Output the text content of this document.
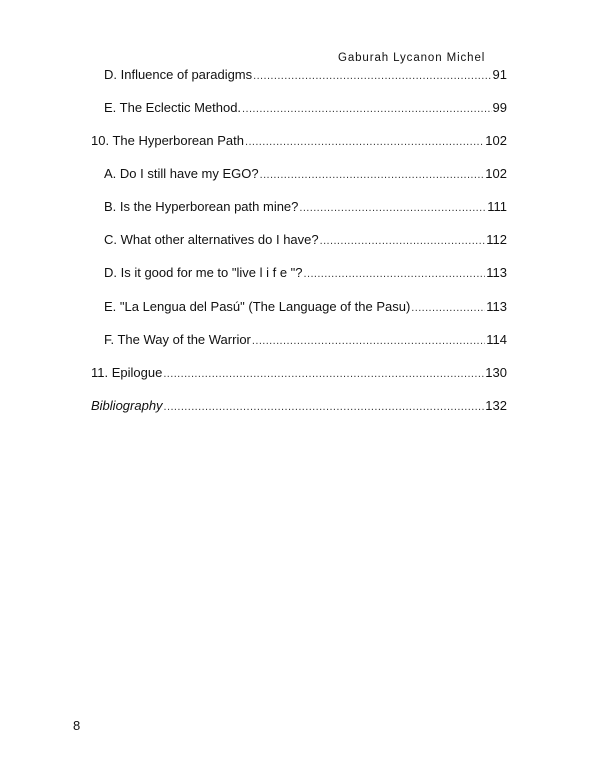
Gaburah Lycanon Michel
D. Influence of paradigms .....	91
E. The Eclectic Method. .....	99
10. The Hyperborean Path .....	102
A. Do I still have my EGO? .....	102
B. Is the Hyperborean path mine? .....	111
C. What other alternatives do I have? .....	112
D. Is it good for me to "live l i f e "? .....	113
E. "La Lengua del Pasú" (The Language of the Pasu) .....	113
F. The Way of the Warrior .....	114
11. Epilogue .....	130
Bibliography .....	132
8
